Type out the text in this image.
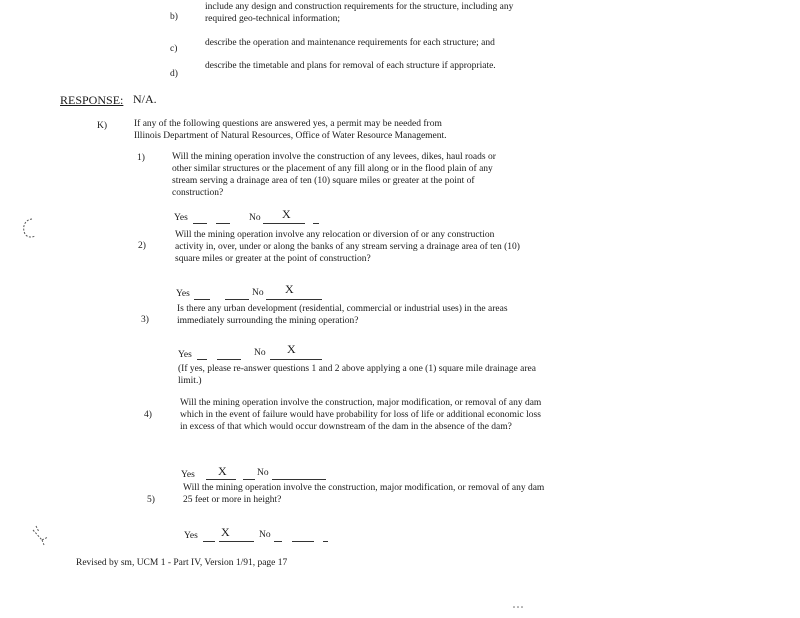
b)
include any design and construction requirements for the structure, including any required geo-technical information;
c)
describe the operation and maintenance requirements for each structure; and
d)
describe the timetable and plans for removal of each structure if appropriate.
RESPONSE: N/A.
K)	If any of the following questions are answered yes, a permit may be needed from Illinois Department of Natural Resources, Office of Water Resource Management.
1)	Will the mining operation involve the construction of any levees, dikes, haul roads or other similar structures or the placement of any fill along or in the flood plain of any stream serving a drainage area of ten (10) square miles or greater at the point of construction?
Yes	No X
2)
Will the mining operation involve any relocation or diversion of or any construction activity in, over, under or along the banks of any stream serving a drainage area of ten (10) square miles or greater at the point of construction?
Yes	No X
3)
Is there any urban development (residential, commercial or industrial uses) in the areas immediately surrounding the mining operation?
Yes	No X
(If yes, please re-answer questions 1 and 2 above applying a one (1) square mile drainage area limit.)
4)
Will the mining operation involve the construction, major modification, or removal of any dam which in the event of failure would have probability for loss of life or additional economic loss in excess of that which would occur downstream of the dam in the absence of the dam?
Yes X	No
5)
Will the mining operation involve the construction, major modification, or removal of any dam 25 feet or more in height?
Yes X	No
Revised by sm, UCM 1 - Part IV, Version 1/91, page 17
